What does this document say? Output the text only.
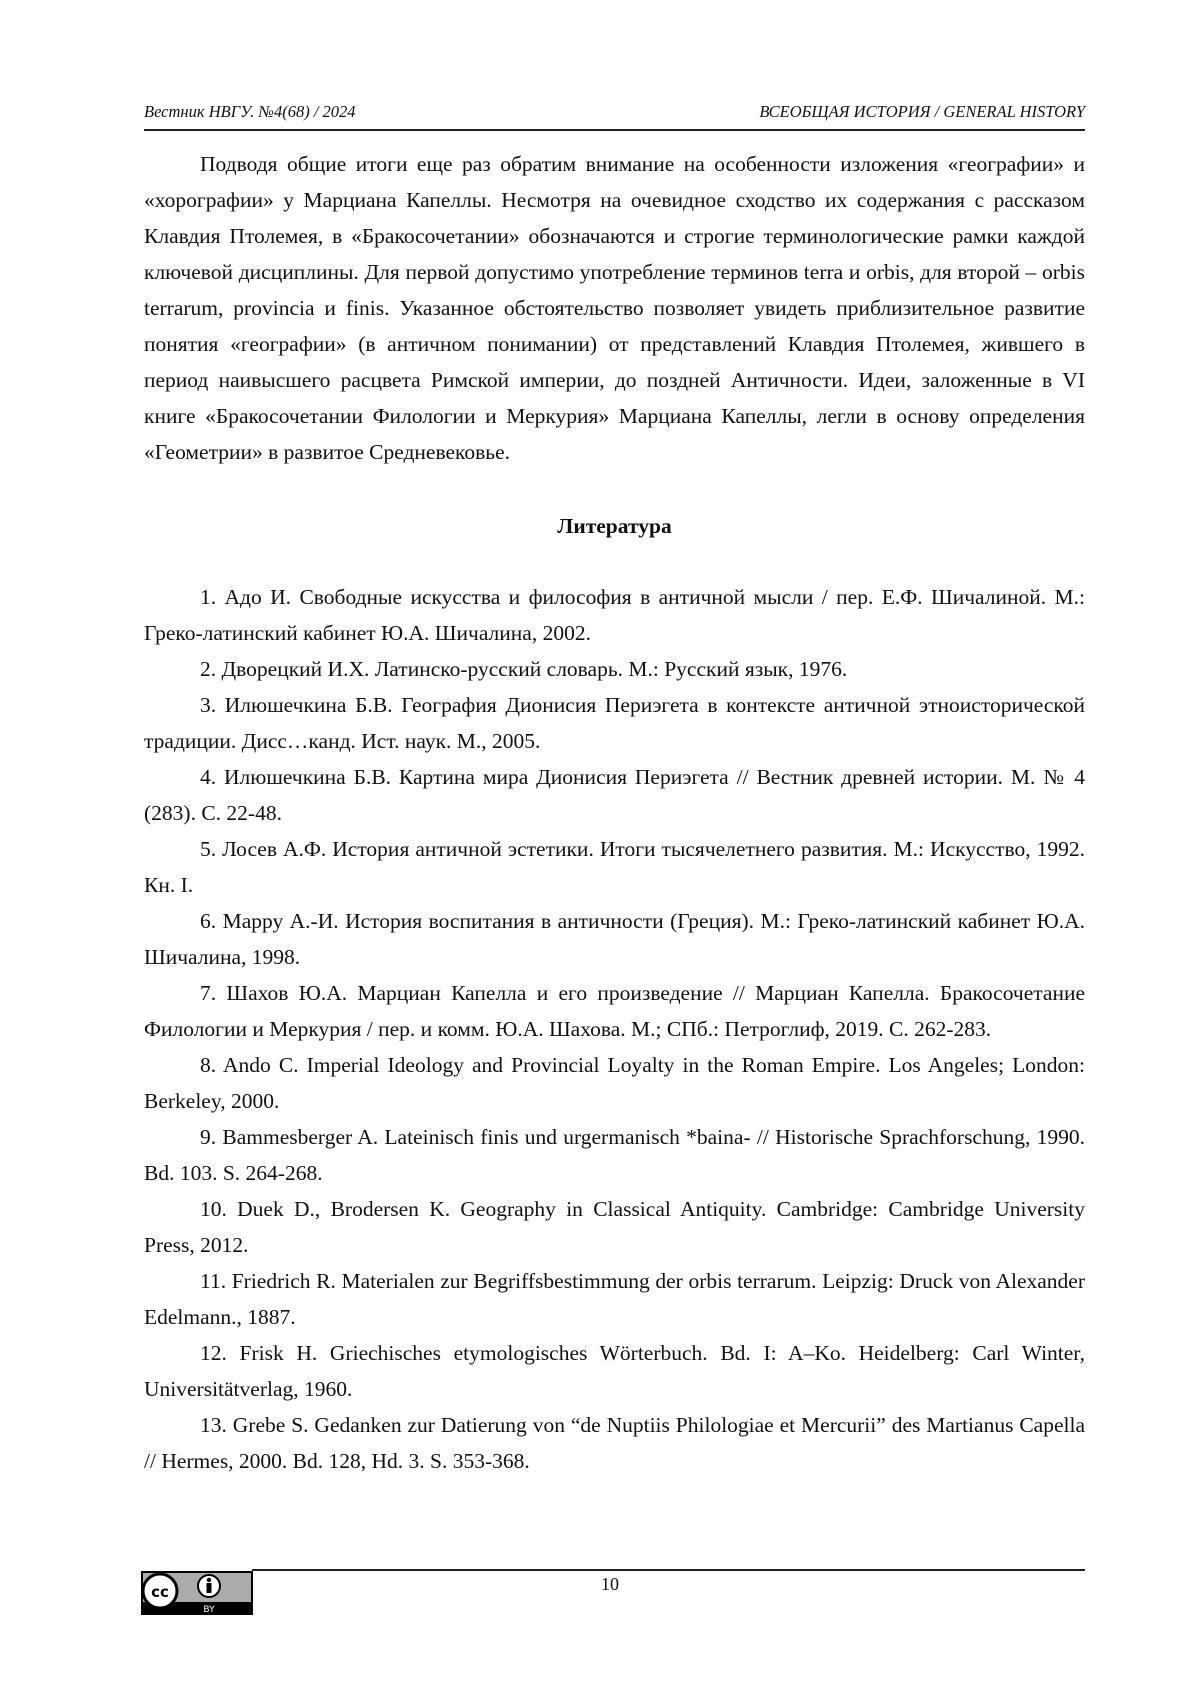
Вестник НВГУ. №4(68) / 2024	ВСЕОБЩАЯ ИСТОРИЯ / GENERAL HISTORY

Подводя общие итоги еще раз обратим внимание на особенности изложения «географии» и «хорографии» у Марциана Капеллы. Несмотря на очевидное сходство их содержания с рассказом Клавдия Птолемея, в «Бракосочетании» обозначаются и строгие терминологические рамки каждой ключевой дисциплины. Для первой допустимо употребление терминов terra и orbis, для второй – orbis terrarum, provincia и finis. Указанное обстоятельство позволяет увидеть приблизительное развитие понятия «географии» (в античном понимании) от представлений Клавдия Птолемея, жившего в период наивысшего расцвета Римской империи, до поздней Античности. Идеи, заложенные в VI книге «Бракосочетании Филологии и Меркурия» Марциана Капеллы, легли в основу определения «Геометрии» в развитое Средневековье.

Литература

1. Адо И. Свободные искусства и философия в античной мысли / пер. Е.Ф. Шичалиной. М.: Греко-латинский кабинет Ю.А. Шичалина, 2002.

2. Дворецкий И.Х. Латинско-русский словарь. М.: Русский язык, 1976.

3. Илюшечкина Б.В. География Дионисия Периэгета в контексте античной этноисторической традиции. Дисс…канд. Ист. наук. М., 2005.

4. Илюшечкина Б.В. Картина мира Дионисия Периэгета // Вестник древней истории. М. № 4 (283). С. 22-48.

5. Лосев А.Ф. История античной эстетики. Итоги тысячелетнего развития. М.: Искусство, 1992. Кн. I.

6. Марру А.-И. История воспитания в античности (Греция). М.: Греко-латинский кабинет Ю.А. Шичалина, 1998.

7. Шахов Ю.А. Марциан Капелла и его произведение // Марциан Капелла. Бракосочетание Филологии и Меркурия / пер. и комм. Ю.А. Шахова. М.; СПб.: Петроглиф, 2019. С. 262-283.

8. Ando C. Imperial Ideology and Provincial Loyalty in the Roman Empire. Los Angeles; London: Berkeley, 2000.

9. Bammesberger A. Lateinisch finis und urgermanisch *baina- // Historische Sprachforschung, 1990. Bd. 103. S. 264-268.

10. Duek D., Brodersen K. Geography in Classical Antiquity. Cambridge: Cambridge University Press, 2012.

11. Friedrich R. Materialen zur Begriffsbestimmung der orbis terrarum. Leipzig: Druck von Alexander Edelmann., 1887.

12. Frisk H. Griechisches etymologisches Wörterbuch. Bd. I: A–Ko. Heidelberg: Carl Winter, Universitätverlag, 1960.

13. Grebe S. Gedanken zur Datierung von “de Nuptiis Philologiae et Mercurii” des Martianus Capella // Hermes, 2000. Bd. 128, Hd. 3. S. 353-368.

10
cc
BY
